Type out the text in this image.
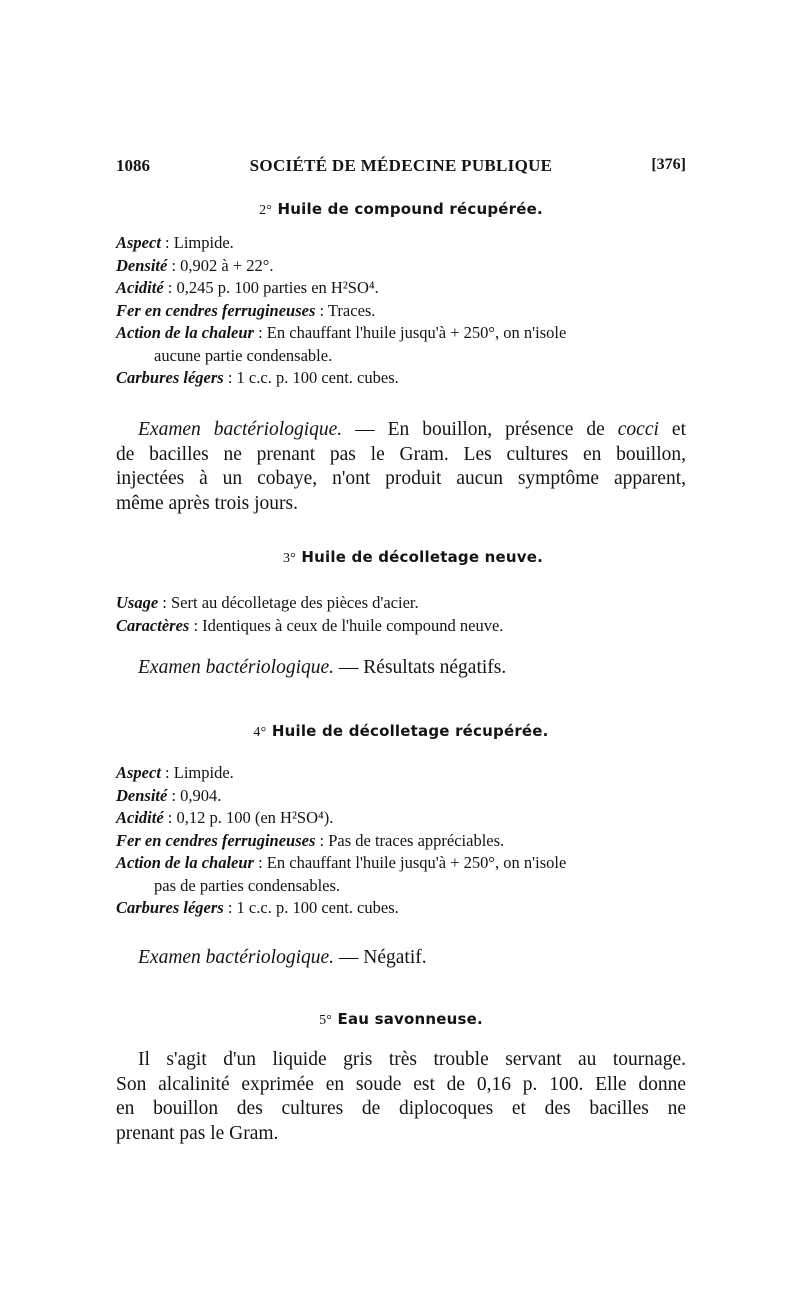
1086	SOCIÉTÉ DE MÉDECINE PUBLIQUE	[376]
2° Huile de compound récupérée.
Aspect : Limpide.
Densité : 0,902 à + 22°.
Acidité : 0,245 p. 100 parties en H²SO⁴.
Fer en cendres ferrugineuses : Traces.
Action de la chaleur : En chauffant l'huile jusqu'à + 250°, on n'isole
aucune partie condensable.
Carbures légers : 1 c.c. p. 100 cent. cubes.
Examen bactériologique. — En bouillon, présence de cocci et
de bacilles ne prenant pas le Gram. Les cultures en bouillon,
injectées à un cobaye, n'ont produit aucun symptôme apparent,
même après trois jours.
3° Huile de décolletage neuve.
Usage : Sert au décolletage des pièces d'acier.
Caractères : Identiques à ceux de l'huile compound neuve.
Examen bactériologique. — Résultats négatifs.
4° Huile de décolletage récupérée.
Aspect : Limpide.
Densité : 0,904.
Acidité : 0,12 p. 100 (en H²SO⁴).
Fer en cendres ferrugineuses : Pas de traces appréciables.
Action de la chaleur : En chauffant l'huile jusqu'à + 250°, on n'isole
pas de parties condensables.
Carbures légers : 1 c.c. p. 100 cent. cubes.
Examen bactériologique. — Négatif.
5° Eau savonneuse.
Il s'agit d'un liquide gris très trouble servant au tournage.
Son alcalinité exprimée en soude est de 0,16 p. 100. Elle donne
en bouillon des cultures de diplocoques et des bacilles ne
prenant pas le Gram.
